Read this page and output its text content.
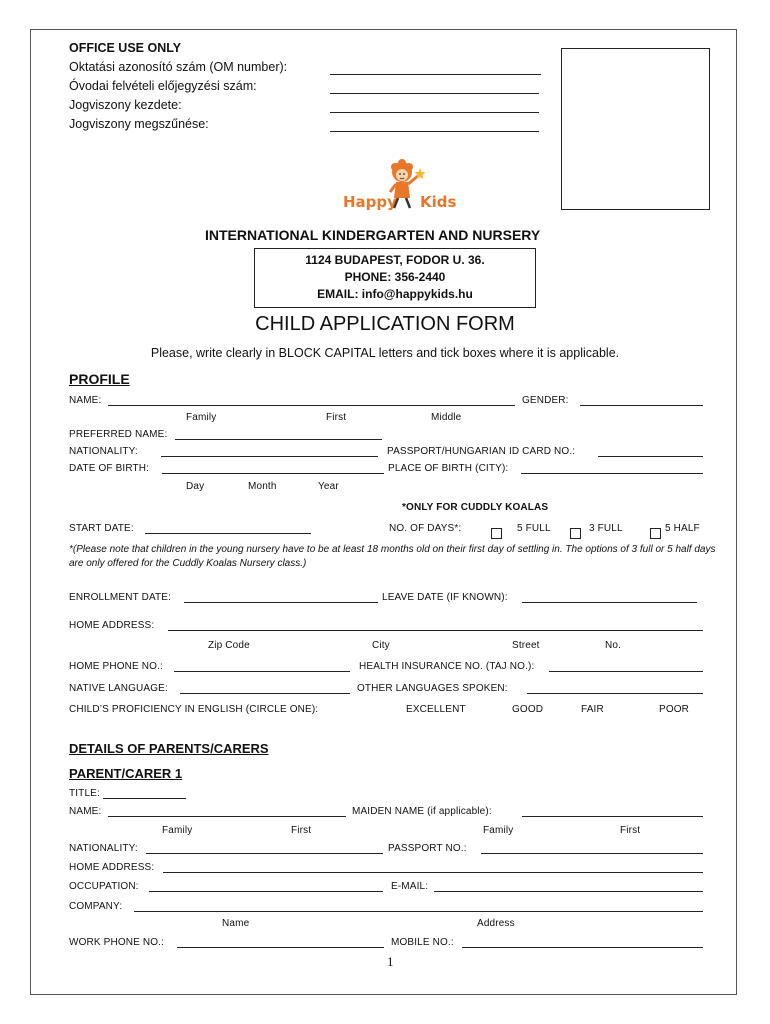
OFFICE USE ONLY
Oktatási azonosító szám (OM number):
Óvodai felvételi előjegyzési szám:
Jogviszony kezdete:
Jogviszony megszűnése:
Happy Kids
INTERNATIONAL KINDERGARTEN AND NURSERY
1124 BUDAPEST, FODOR U. 36.
PHONE: 356-2440
EMAIL: info@happykids.hu
CHILD APPLICATION FORM
Please, write clearly in BLOCK CAPITAL letters and tick boxes where it is applicable.
PROFILE
NAME:	GENDER:
Family	First	Middle
PREFERRED NAME:
NATIONALITY:	PASSPORT/HUNGARIAN ID CARD NO.:
DATE OF BIRTH:	PLACE OF BIRTH (CITY):
Day	Month	Year
*ONLY FOR CUDDLY KOALAS
START DATE:	NO. OF DAYS*:	5 FULL	3 FULL	5 HALF
*(Please note that children in the young nursery have to be at least 18 months old on their first day of settling in. The options of 3 full or 5 half days are only offered for the Cuddly Koalas Nursery class.)
ENROLLMENT DATE:	LEAVE DATE (IF KNOWN):
HOME ADDRESS:
Zip Code	City	Street	No.
HOME PHONE NO.:	HEALTH INSURANCE NO. (TAJ NO.):
NATIVE LANGUAGE:	OTHER LANGUAGES SPOKEN:
CHILD’S PROFICIENCY IN ENGLISH (CIRCLE ONE):	EXCELLENT	GOOD	FAIR	POOR
DETAILS OF PARENTS/CARERS
PARENT/CARER 1
TITLE:
NAME:	MAIDEN NAME (if applicable):
Family	First	Family	First
NATIONALITY:	PASSPORT NO.:
HOME ADDRESS:
OCCUPATION:	E-MAIL:
COMPANY:
Name	Address
WORK PHONE NO.:	MOBILE NO.:
1
